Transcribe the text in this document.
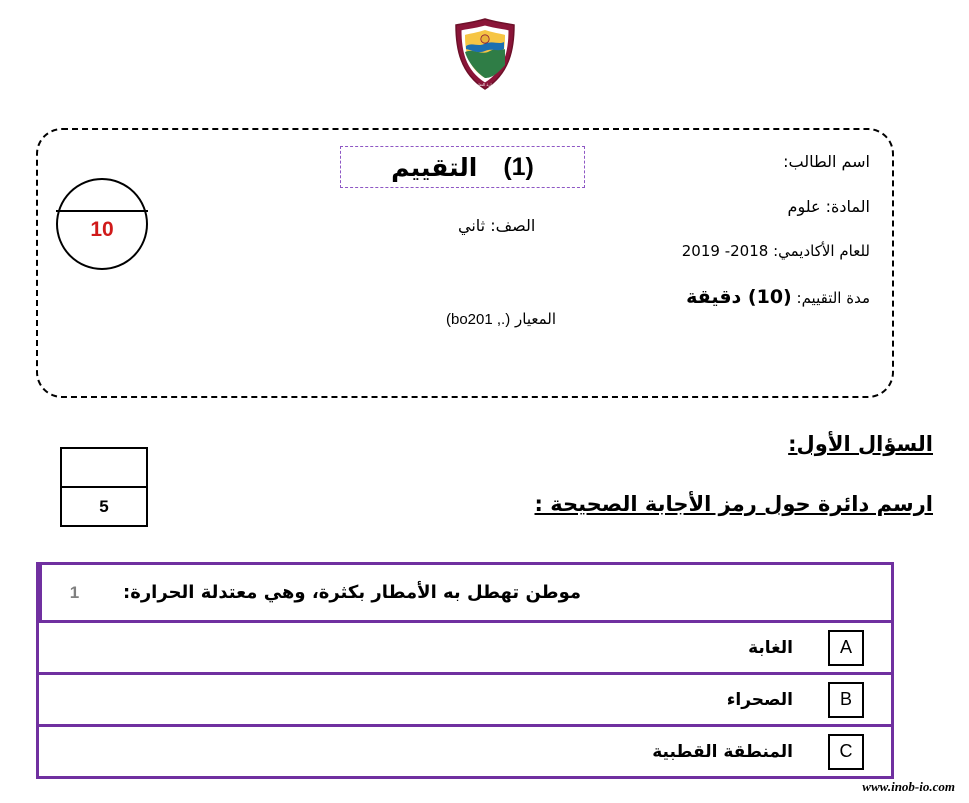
وزارة التعليم
10
(1)
التقييم	اسم الطالب:
المادة: علوم
للعام الأكاديمي: 2018- 2019
مدة التقييم: (10) دقيقة
الصف: ثاني
المعيار (bo201 ,.)
السؤال الأول:
ارسم دائرة حول رمز الأجابة الصحيحة :
5
موطن تهطل به الأمطار بكثرة، وهي معتدلة الحرارة:
1
A
الغابة
B
الصحراء
C
المنطقة القطبية
www.inob-io.com
